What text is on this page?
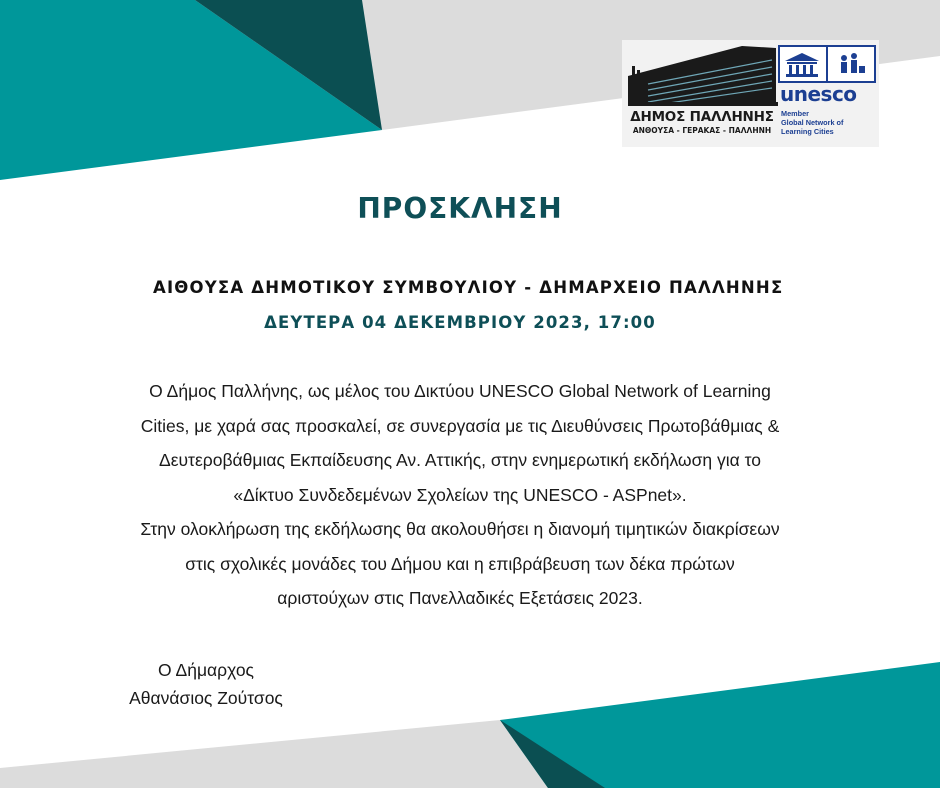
ΔΗΜΟΣ ΠΑΛΛΗΝΗΣ
ΑΝΘΟΥΣΑ - ΓΕΡΑΚΑΣ - ΠΑΛΛΗΝΗ
unesco
Member
Global Network of
Learning Cities
ΠΡΟΣΚΛΗΣΗ
ΑΙΘΟΥΣΑ ΔΗΜΟΤΙΚΟΥ ΣΥΜΒΟΥΛΙΟΥ - ΔΗΜΑΡΧΕΙΟ ΠΑΛΛΗΝΗΣ
ΔΕΥΤΕΡΑ 04 ΔΕΚΕΜΒΡΙΟΥ 2023, 17:00
Ο Δήμος Παλλήνης, ως μέλος του Δικτύου UNESCO Global Network of Learning
Cities, με χαρά σας προσκαλεί, σε συνεργασία με τις Διευθύνσεις Πρωτοβάθμιας &
Δευτεροβάθμιας Εκπαίδευσης Αν. Αττικής, στην ενημερωτική εκδήλωση για το
«Δίκτυο Συνδεδεμένων Σχολείων της UNESCO - ASPnet».
Στην ολοκλήρωση της εκδήλωσης θα ακολουθήσει η διανομή τιμητικών διακρίσεων
στις σχολικές μονάδες του Δήμου και η επιβράβευση των δέκα πρώτων
αριστούχων στις Πανελλαδικές Εξετάσεις 2023.
Ο Δήμαρχος
Αθανάσιος Ζούτσος
